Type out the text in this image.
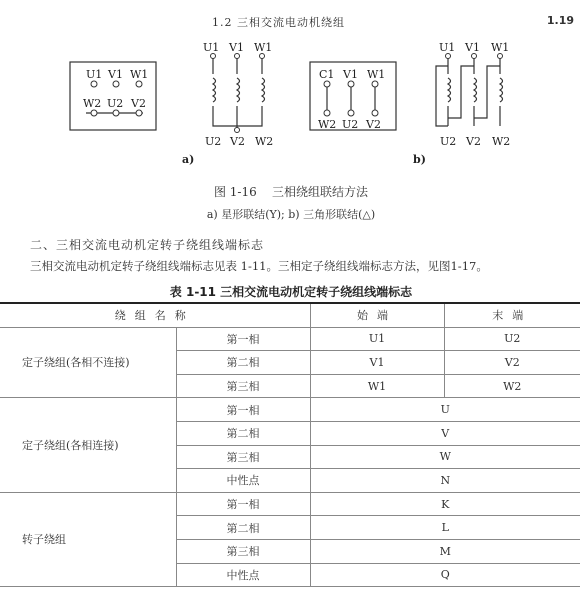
1.2 三相交流电动机绕组	1.19
U1 V1 W1
W2 U2 V2
U1 V1 W1
U2 V2 W2
C1 V1 W1
W2 U2 V2
U1 V1 W1
U2 V2 W2
a)	b)
图 1-16 三相绕组联结方法
a) 星形联结(Y); b) 三角形联结(△)
二、三相交流电动机定转子绕组线端标志
三相交流电动机定转子绕组线端标志见表 1-11。三相定子绕组线端标志方法，见图1-17。
表 1-11 三相交流电动机定转子绕组线端标志
绕组名称		始端	末端
定子绕组(各相不连接)	第一相	U1	U2
	第二相	V1	V2
	第三相	W1	W2
定子绕组(各相连接)	第一相	U	
	第二相	V	
	第三相	W	
	中性点	N	
转子绕组	第一相	K	
	第二相	L	
	第三相	M	
	中性点	Q	
